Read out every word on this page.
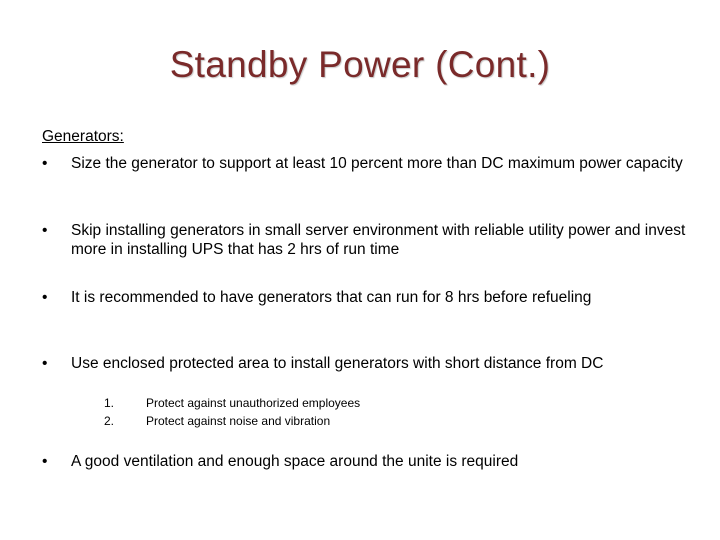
Standby Power (Cont.)
Generators:
•	Size the generator to support at least 10 percent more than DC maximum power capacity
•	Skip installing generators in small server environment with reliable utility power and invest more in installing UPS that has 2 hrs of run time
•	It is recommended to have generators that can run for 8 hrs before refueling
•	Use enclosed protected area to install generators with short distance from DC
1.	Protect against unauthorized employees
2.	Protect against noise and vibration
•	A good ventilation and enough space around the unite is required
